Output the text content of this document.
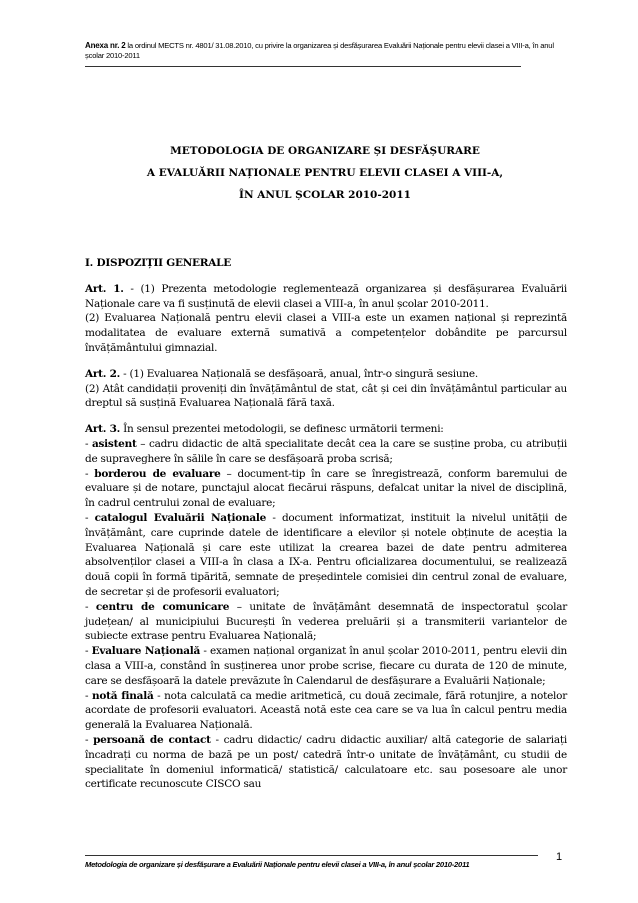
Anexa nr. 2 la ordinul MECTS nr. 4801/ 31.08.2010, cu privire la organizarea și desfășurarea Evaluării Naționale pentru elevii clasei a VIII-a, în anul școlar 2010-2011
METODOLOGIA DE ORGANIZARE ȘI DESFĂȘURARE
A EVALUĂRII NAȚIONALE PENTRU ELEVII CLASEI A VIII-A,
ÎN ANUL ȘCOLAR 2010-2011
I. DISPOZIȚII GENERALE

Art. 1. - (1) Prezenta metodologie reglementează organizarea și desfășurarea Evaluării Naționale care va fi susținută de elevii clasei a VIII-a, în anul școlar 2010-2011.

(2) Evaluarea Națională pentru elevii clasei a VIII-a este un examen național și reprezintă modalitatea de evaluare externă sumativă a competențelor dobândite pe parcursul învățământului gimnazial.

Art. 2. - (1) Evaluarea Națională se desfășoară, anual, într-o singură sesiune.

(2) Atât candidații proveniți din învățământul de stat, cât și cei din învățământul particular au dreptul să susțină Evaluarea Națională fără taxă.

Art. 3. În sensul prezentei metodologii, se definesc următorii termeni:

- asistent – cadru didactic de altă specialitate decât cea la care se susține proba, cu atribuții de supraveghere în sălile în care se desfășoară proba scrisă;

- borderou de evaluare – document-tip în care se înregistrează, conform baremului de evaluare și de notare, punctajul alocat fiecărui răspuns, defalcat unitar la nivel de disciplină, în cadrul centrului zonal de evaluare;

- catalogul Evaluării Naționale - document informatizat, instituit la nivelul unității de învățământ, care cuprinde datele de identificare a elevilor și notele obținute de aceștia la Evaluarea Națională și care este utilizat la crearea bazei de date pentru admiterea absolvenților clasei a VIII-a în clasa a IX-a. Pentru oficializarea documentului, se realizează două copii în formă tipărită, semnate de președintele comisiei din centrul zonal de evaluare, de secretar și de profesorii evaluatori;

- centru de comunicare – unitate de învățământ desemnată de inspectoratul școlar județean/ al municipiului București în vederea preluării și a transmiterii variantelor de subiecte extrase pentru Evaluarea Națională;

- Evaluare Națională - examen național organizat în anul școlar 2010-2011, pentru elevii din clasa a VIII-a, constând în susținerea unor probe scrise, fiecare cu durata de 120 de minute, care se desfășoară la datele prevăzute în Calendarul de desfășurare a Evaluării Naționale;

- notă finală - nota calculată ca medie aritmetică, cu două zecimale, fără rotunjire, a notelor acordate de profesorii evaluatori. Această notă este cea care se va lua în calcul pentru media generală la Evaluarea Națională.

- persoană de contact - cadru didactic/ cadru didactic auxiliar/ altă categorie de salariați încadrați cu norma de bază pe un post/ catedră într-o unitate de învățământ, cu studii de specialitate în domeniul informatică/ statistică/ calculatoare etc. sau posesoare ale unor certificate recunoscute CISCO sau

Metodologia de organizare și desfășurare a Evaluării Naționale pentru elevii clasei a VIII-a, în anul școlar 2010-2011
1
